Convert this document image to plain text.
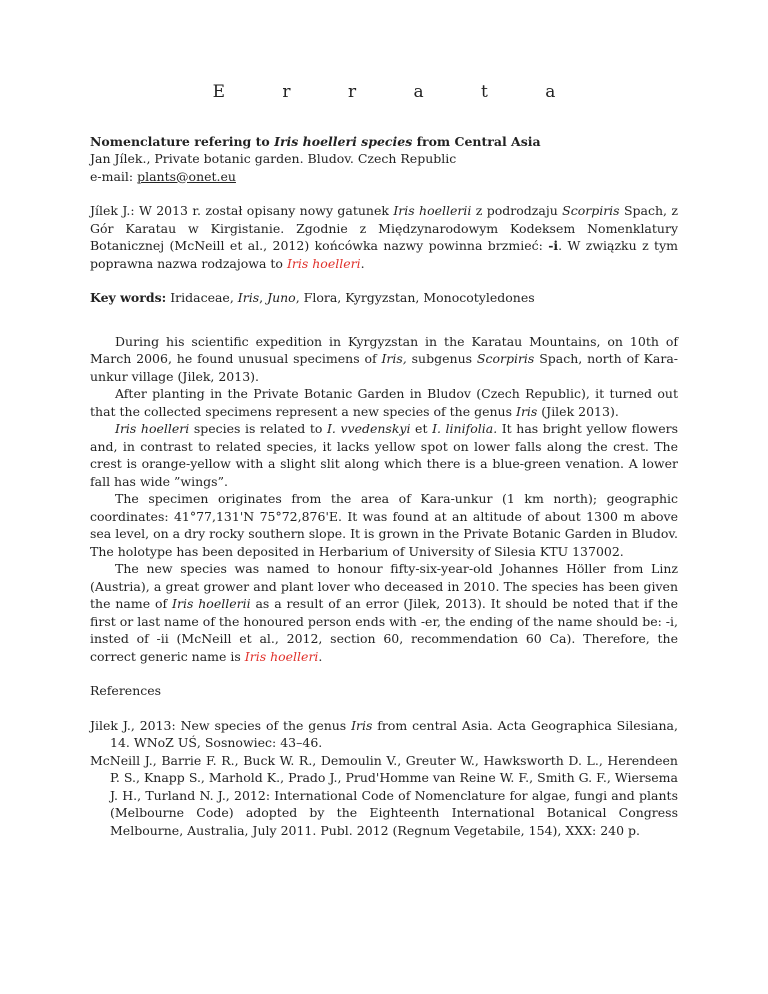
E r r a t a

Nomenclature refering to Iris hoelleri species from Central Asia

Jan Jílek., Private botanic garden. Bludov. Czech Republic

e-mail: plants@onet.eu

Jílek J.: W 2013 r. został opisany nowy gatunek Iris hoellerii z podrodzaju Scorpiris Spach, z Gór Karatau w Kirgistanie. Zgodnie z Międzynarodowym Kodeksem Nomenklatury Botanicznej (McNeill et al., 2012) końcówka nazwy powinna brzmieć: -i. W związku z tym poprawna nazwa rodzajowa to Iris hoelleri.

Key words: Iridaceae, Iris, Juno, Flora, Kyrgyzstan, Monocotyledones

During his scientific expedition in Kyrgyzstan in the Karatau Mountains, on 10th of March 2006, he found unusual specimens of Iris, subgenus Scorpiris Spach, north of Kara-unkur village (Jilek, 2013).

After planting in the Private Botanic Garden in Bludov (Czech Republic), it turned out that the collected specimens represent a new species of the genus Iris (Jilek 2013).

Iris hoelleri species is related to I. vvedenskyi et I. linifolia. It has bright yellow flowers and, in contrast to related species, it lacks yellow spot on lower falls along the crest. The crest is orange-yellow with a slight slit along which there is a blue-green venation. A lower fall has wide ”wings”.

The specimen originates from the area of Kara-unkur (1 km north); geographic coordinates: 41°77,131'N 75°72,876'E. It was found at an altitude of about 1300 m above sea level, on a dry rocky southern slope. It is grown in the Private Botanic Garden in Bludov. The holotype has been deposited in Herbarium of University of Silesia KTU 137002.

The new species was named to honour fifty-six-year-old Johannes Höller from Linz (Austria), a great grower and plant lover who deceased in 2010. The species has been given the name of Iris hoellerii as a result of an error (Jilek, 2013). It should be noted that if the first or last name of the honoured person ends with -er, the ending of the name should be: -i, insted of -ii (McNeill et al., 2012, section 60, recommendation 60 Ca). Therefore, the correct generic name is Iris hoelleri.

References

Jilek J., 2013: New species of the genus Iris from central Asia. Acta Geographica Silesiana, 14. WNoZ UŚ, Sosnowiec: 43–46.

McNeill J., Barrie F. R., Buck W. R., Demoulin V., Greuter W., Hawksworth D. L., Herendeen P. S., Knapp S., Marhold K., Prado J., Prud'Homme van Reine W. F., Smith G. F., Wiersema J. H., Turland N. J., 2012: International Code of Nomenclature for algae, fungi and plants (Melbourne Code) adopted by the Eighteenth International Botanical Congress Melbourne, Australia, July 2011. Publ. 2012 (Regnum Vegetabile, 154), XXX: 240 p.
